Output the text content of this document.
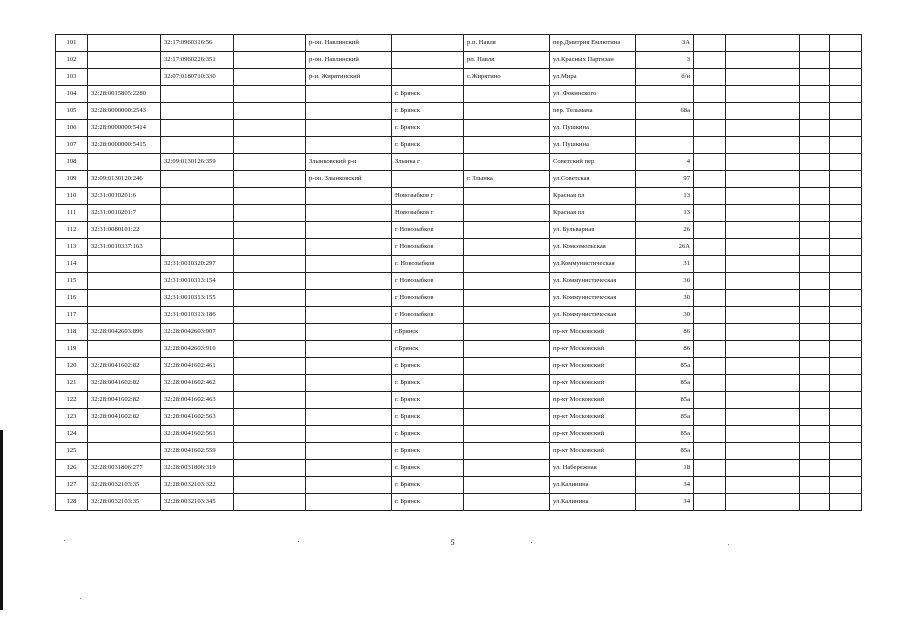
101		32:17:0960316:56		р-он. Навлинский		р.п. Навля	пер.Дмитрия Емлютина	3А				
102		32:17:0960226:351		р-он. Навлинский		рп. Навля	ул.Красных Партизан	3				
103		32:07:0180710:330		р-н. Жирятинский		с.Жирятино	ул.Мира	б/н				
104	32:28:0015805:2280				г. Брянск		ул. Фокинского					
105	32:28:0000000:2543				г. Брянск		пер. Тельмана	68а				
106	32:28:0000000:5414				г. Брянск		ул. Пушкина					
107	32:28:0000000:5415				г. Брянск		ул. Пушкина					
108		32:09:0130126:359		Злынковский р-н	Злынка г		Советский пер	4				
109	32:09:0130120:246			р-он. Злынковский		г. Злынка	ул.Советская	97				
110	32:31:0010201:6				Новозыбков г		Красная пл	13				
111	32:31:0010201:7				Новозыбков г		Красная пл	13				
112	32:31:0080101:22				г Новозыбков		ул. Бульварная	26				
113	32:31:0010337:163				г Новозыбков		ул. Комсомольская	26А				
114		32:31:0010320:297			г. Новозыбков		ул.Коммунистическая	31				
115		32:31:0010313:154			г Новозыбков		ул. Коммунистическая	30				
116		32:31:0010313:155			г Новозыбков		ул. Коммунистическая	30				
117		32:31:0010313:186			г Новозыбков		ул. Коммунистическая	30				
118	32:28:0042603:896	32:28:0042603:907			г.Брянск		пр-кт Московский	86				
119		32:28:0042603:910			г.Брянск		пр-кт Московский	86				
120	32:28:0041602:82	32:28:0041602:461			г. Брянск		пр-кт Московский	85а				
121	32:28:0041602:82	32:28:0041602:462			г. Брянск		пр-кт Московский	85а				
122	32:28:0041602:82	32:28:0041602:463			г. Брянск		пр-кт Московский	85а				
123	32:28:0041602:82	32:28:0041602:563			г. Брянск		пр-кт Московский	85а				
124		32:28:0041602:561			г. Брянск		пр-кт Московский	85а				
125		32:28:0041602:559			г. Брянск		пр-кт Московский	85а				
126	32:28:0031806:277	32:28:0031806:319			г. Брянск		ул. Набережная	18				
127	32:28:0032103:35	32:28:0032103:322			г. Брянск		ул.Калинина	34				
128	32:28:0032103:35	32:28:0032103:345			г. Брянск		ул.Калинина	34				
5
